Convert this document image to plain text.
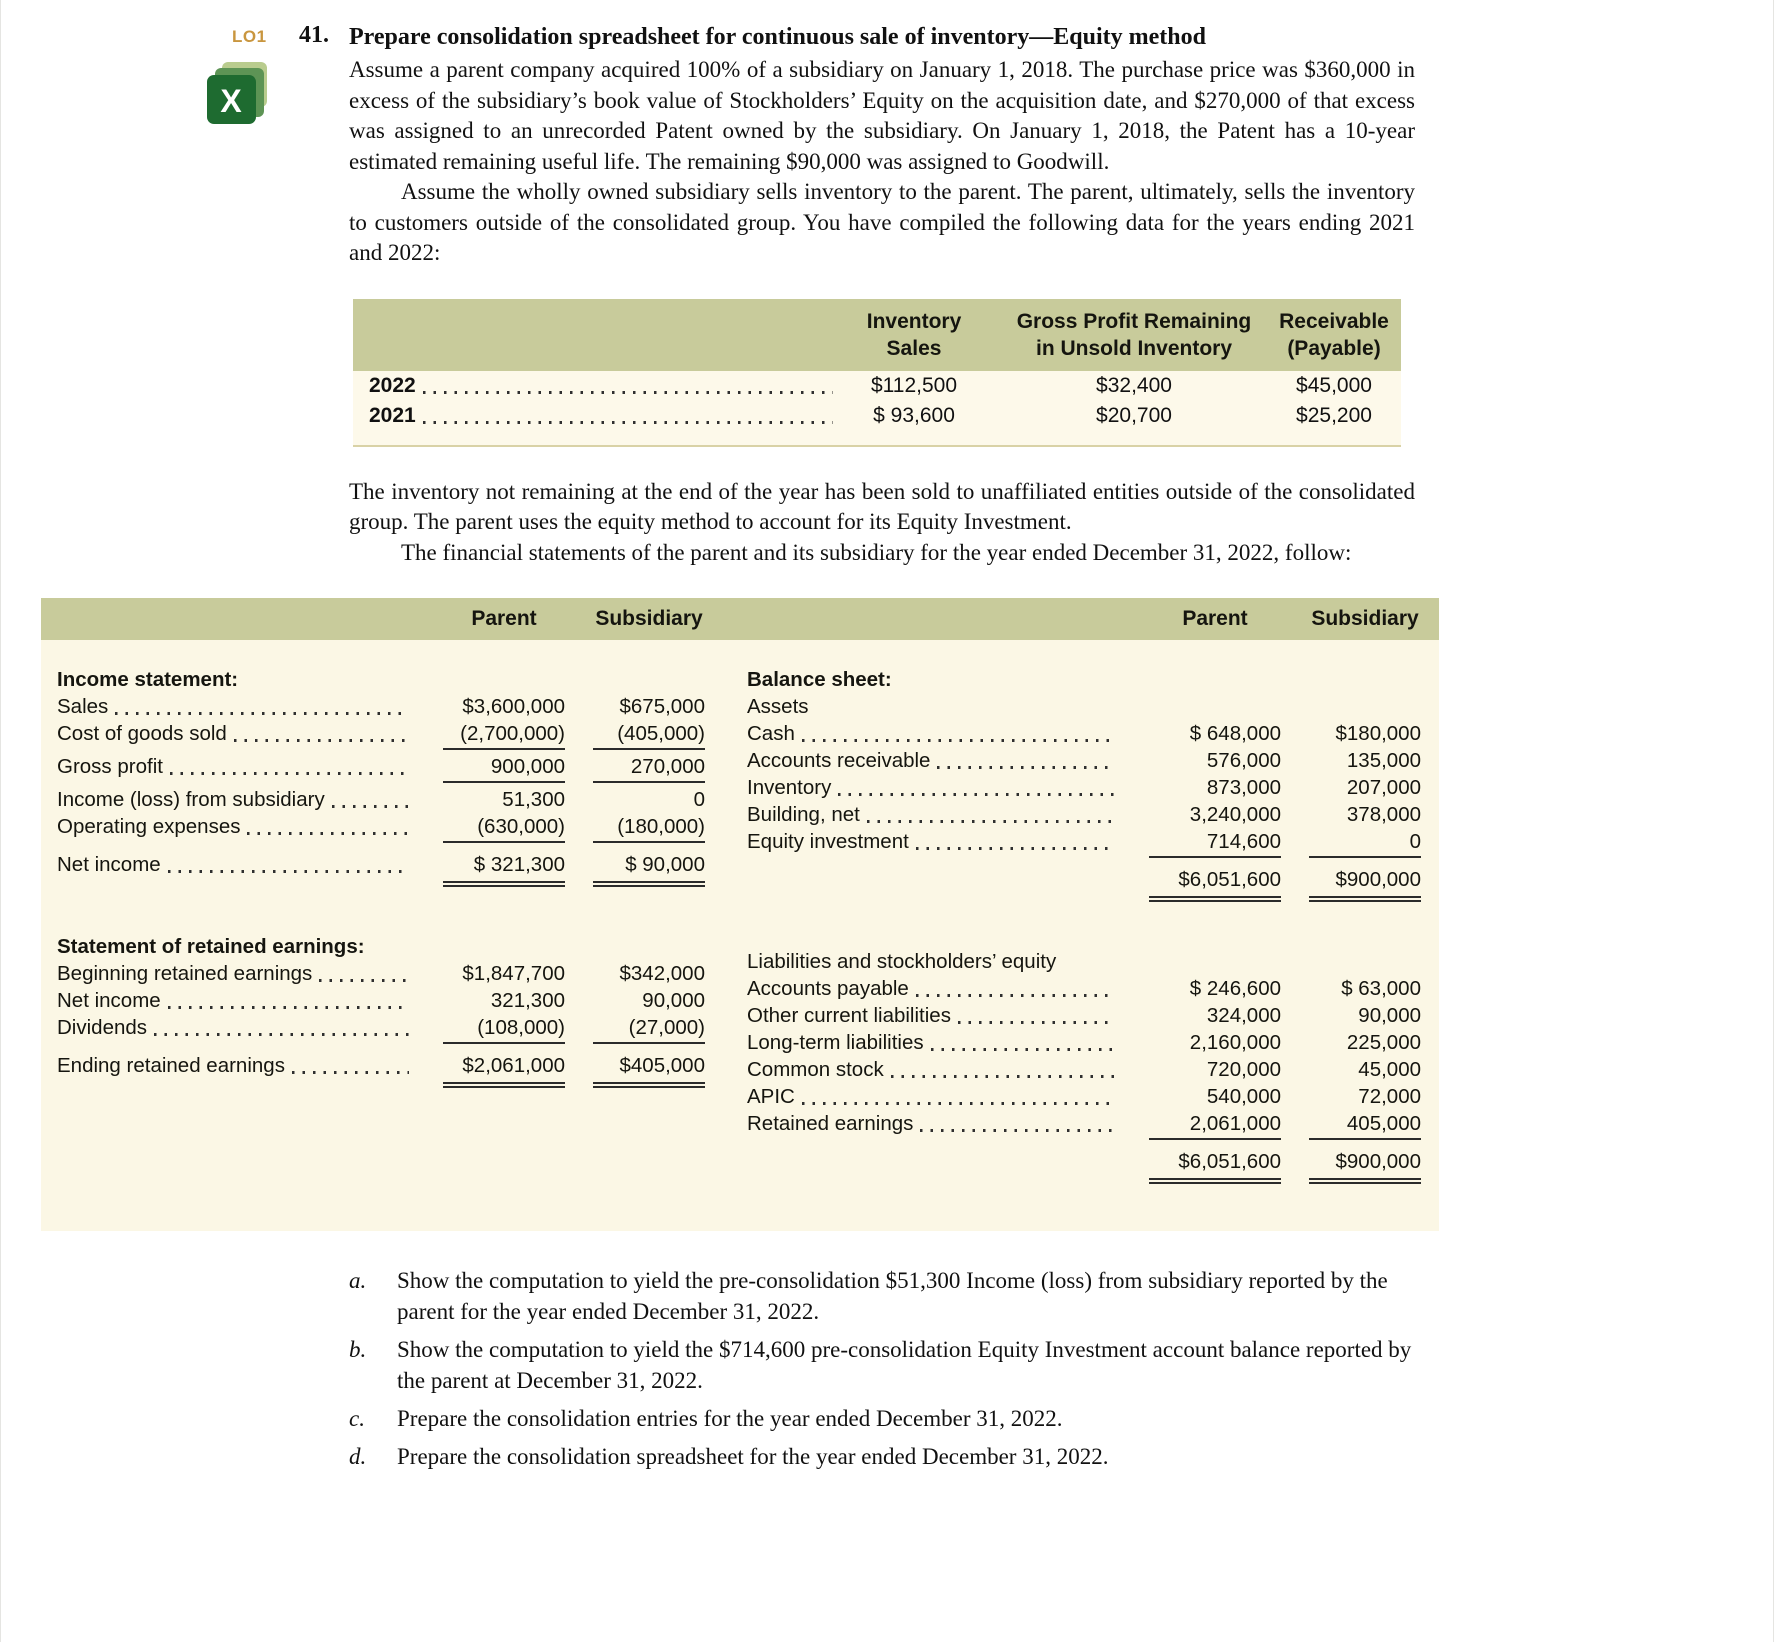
LO1
X
41. Prepare consolidation spreadsheet for continuous sale of inventory—Equity method

Assume a parent company acquired 100% of a subsidiary on January 1, 2018. The purchase price was $360,000 in excess of the subsidiary’s book value of Stockholders’ Equity on the acquisition date, and $270,000 of that excess was assigned to an unrecorded Patent owned by the subsidiary. On January 1, 2018, the Patent has a 10-year estimated remaining useful life. The remaining $90,000 was assigned to Goodwill.

Assume the wholly owned subsidiary sells inventory to the parent. The parent, ultimately, sells the inventory to customers outside of the consolidated group. You have compiled the following data for the years ending 2021 and 2022:

Inventory
Sales
Gross Profit Remaining
in Unsold Inventory
Receivable
(Payable)
2022	$112,500	$32,400	$45,000
2021	$ 93,600	$20,700	$25,200

The inventory not remaining at the end of the year has been sold to unaffiliated entities outside of the consolidated group. The parent uses the equity method to account for its Equity Investment.

The financial statements of the parent and its subsidiary for the year ended December 31, 2022, follow:

Parent	Subsidiary	Parent	Subsidiary
Income statement:
Sales	$3,600,000	$675,000
Cost of goods sold	(2,700,000)	(405,000)
Gross profit	900,000	270,000
Income (loss) from subsidiary	51,300	0
Operating expenses	(630,000)	(180,000)
Net income	$ 321,300	$ 90,000
Statement of retained earnings:
Beginning retained earnings	$1,847,700	$342,000
Net income	321,300	90,000
Dividends	(108,000)	(27,000)
Ending retained earnings	$2,061,000	$405,000
Balance sheet:
Assets
Cash	$ 648,000	$180,000
Accounts receivable	576,000	135,000
Inventory	873,000	207,000
Building, net	3,240,000	378,000
Equity investment	714,600	0
$6,051,600	$900,000
Liabilities and stockholders’ equity
Accounts payable	$ 246,600	$ 63,000
Other current liabilities	324,000	90,000
Long-term liabilities	2,160,000	225,000
Common stock	720,000	45,000
APIC	540,000	72,000
Retained earnings	2,061,000	405,000
$6,051,600	$900,000
a.	Show the computation to yield the pre-consolidation $51,300 Income (loss) from subsidiary reported by the parent for the year ended December 31, 2022.
b.	Show the computation to yield the $714,600 pre-consolidation Equity Investment account balance reported by the parent at December 31, 2022.
c.	Prepare the consolidation entries for the year ended December 31, 2022.
d.	Prepare the consolidation spreadsheet for the year ended December 31, 2022.
